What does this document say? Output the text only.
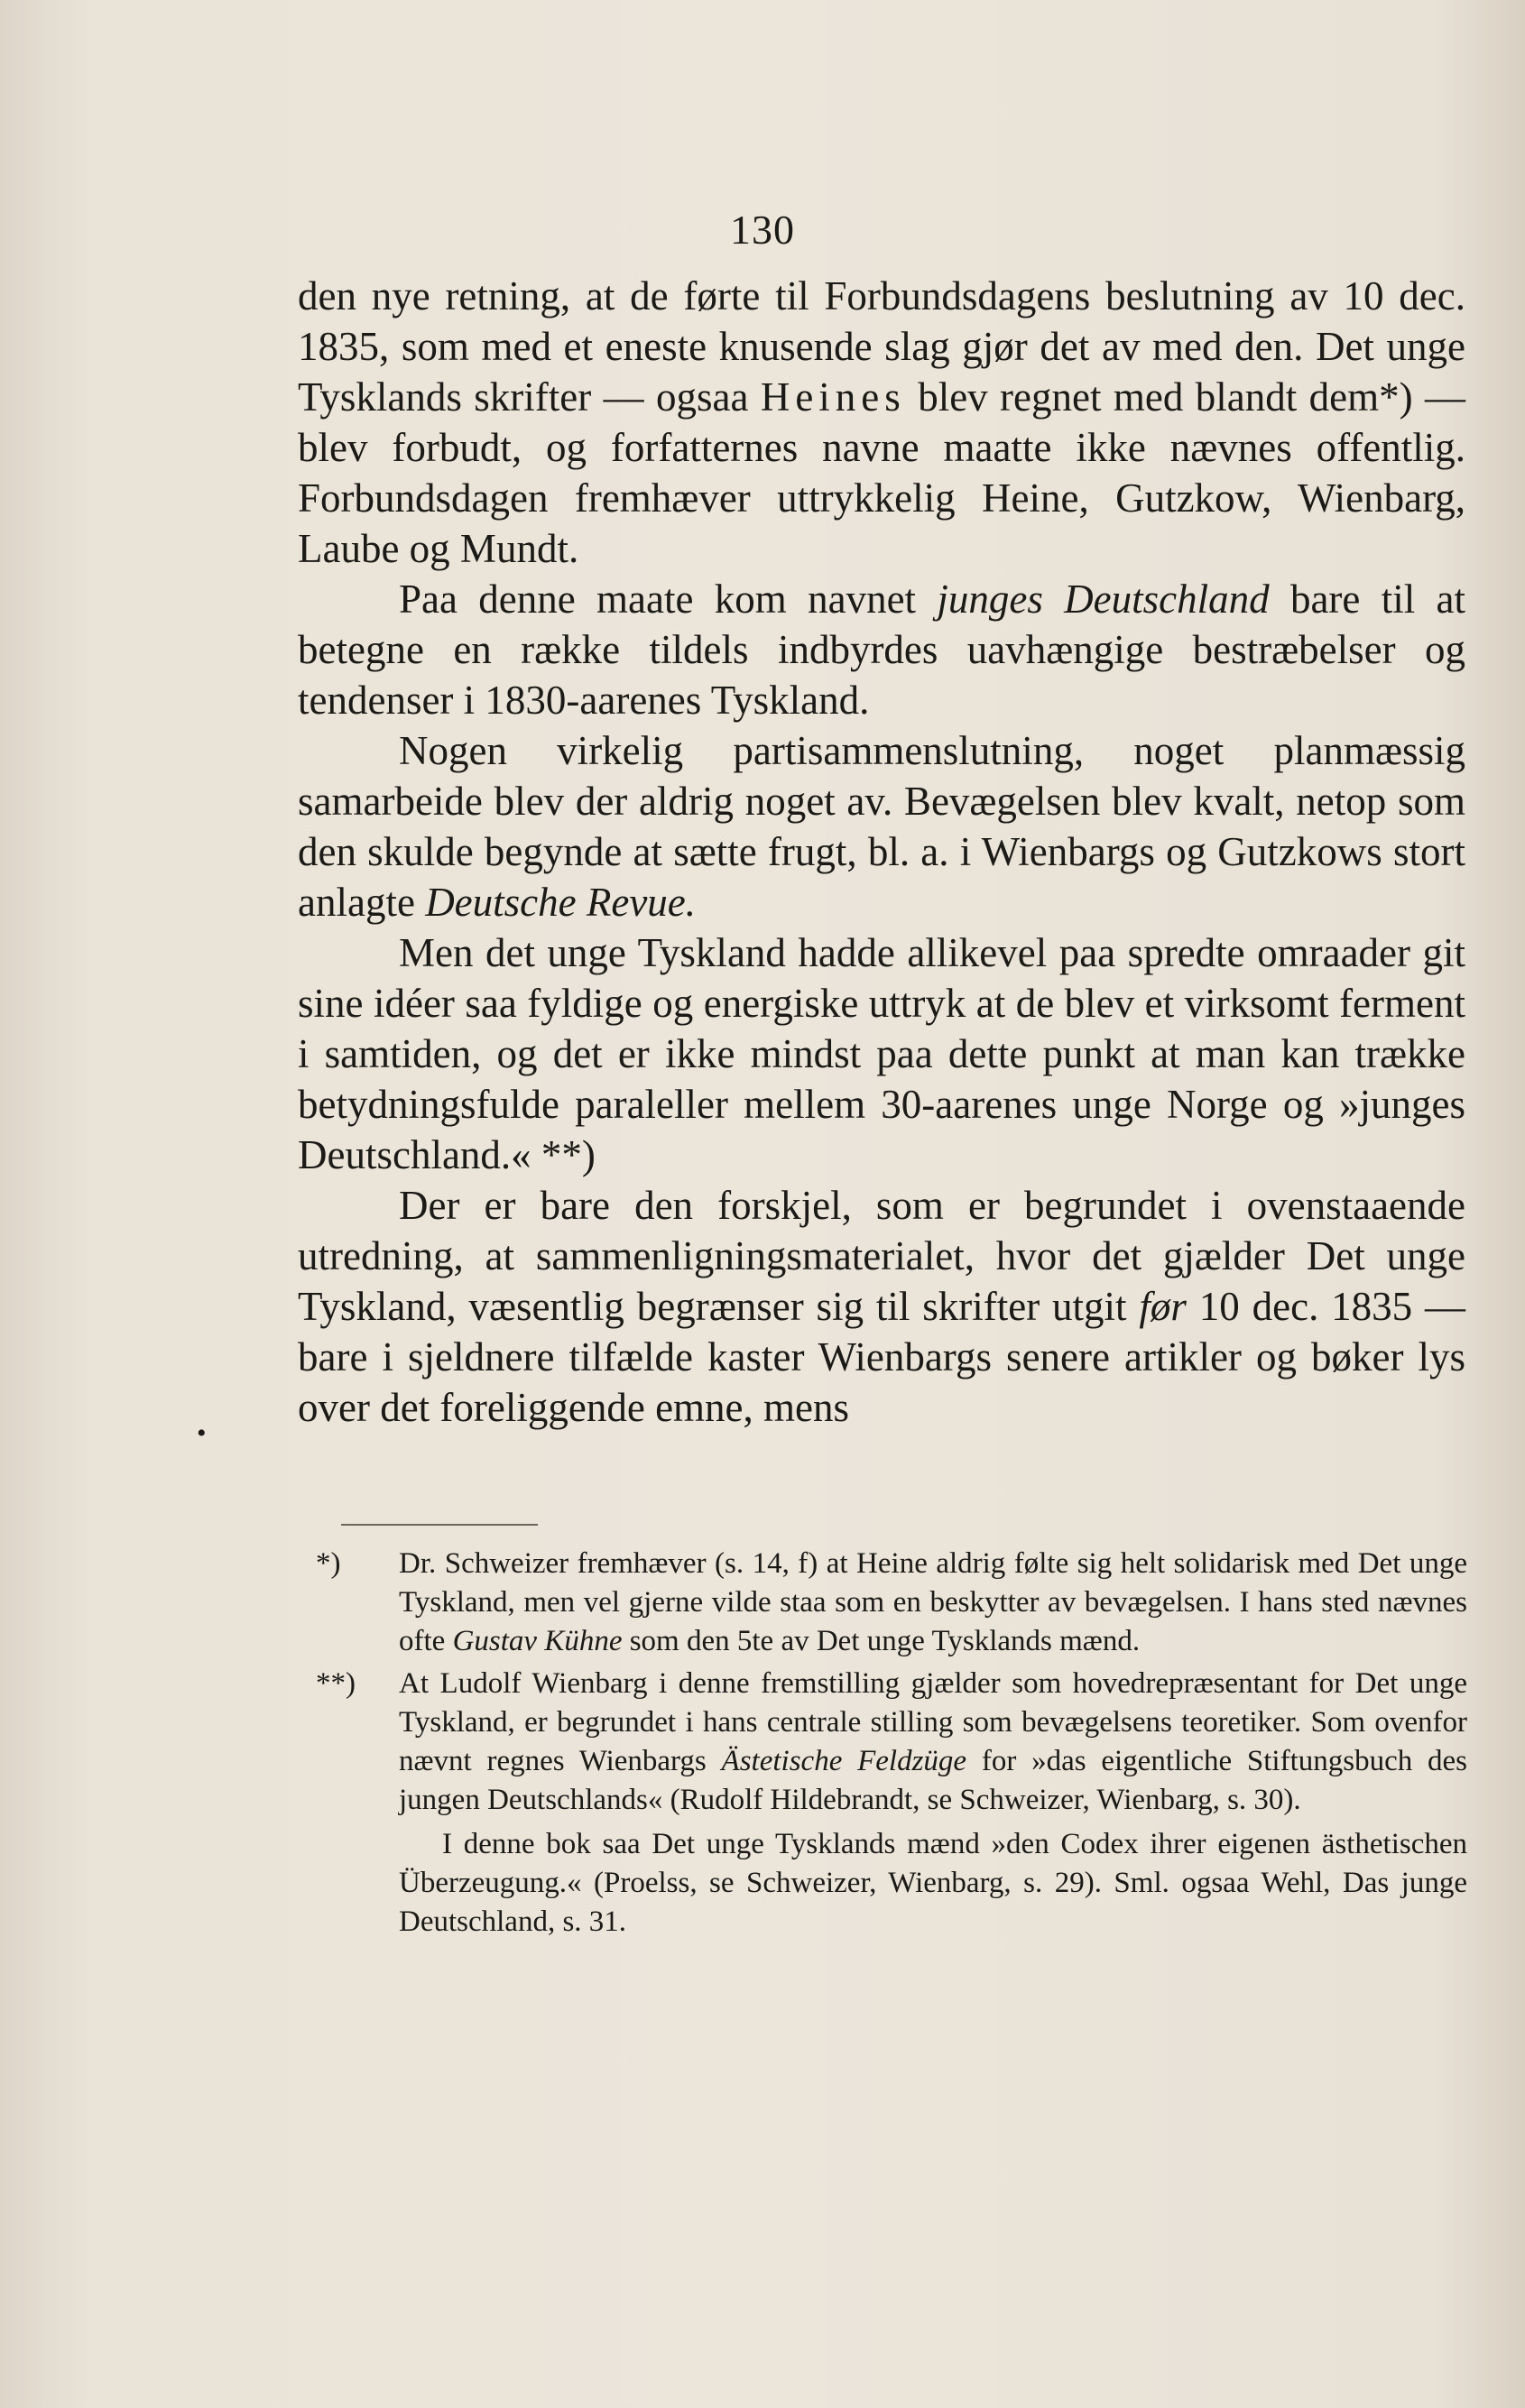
130

den nye retning, at de førte til Forbundsdagens beslutning av 10 dec. 1835, som med et eneste knusende slag gjør det av med den. Det unge Tysklands skrifter — ogsaa Heines blev regnet med blandt dem*) — blev forbudt, og forfatternes navne maatte ikke nævnes offentlig. Forbundsdagen fremhæver uttrykkelig Heine, Gutzkow, Wienbarg, Laube og Mundt.

Paa denne maate kom navnet junges Deutschland bare til at betegne en række tildels indbyrdes uavhængige bestræbelser og tendenser i 1830-aarenes Tyskland.

Nogen virkelig partisammenslutning, noget planmæssig samarbeide blev der aldrig noget av. Bevægelsen blev kvalt, netop som den skulde begynde at sætte frugt, bl. a. i Wienbargs og Gutzkows stort anlagte Deutsche Revue.

Men det unge Tyskland hadde allikevel paa spredte omraader git sine idéer saa fyldige og energiske uttryk at de blev et virksomt ferment i samtiden, og det er ikke mindst paa dette punkt at man kan trække betydningsfulde paraleller mellem 30-aarenes unge Norge og »junges Deutschland.« **)

Der er bare den forskjel, som er begrundet i ovenstaaende utredning, at sammenligningsmaterialet, hvor det gjælder Det unge Tyskland, væsentlig begrænser sig til skrifter utgit før 10 dec. 1835 — bare i sjeldnere tilfælde kaster Wienbargs senere artikler og bøker lys over det foreliggende emne, mens

•

*)	Dr. Schweizer fremhæver (s. 14, f) at Heine aldrig følte sig helt solidarisk med Det unge Tyskland, men vel gjerne vilde staa som en beskytter av bevægelsen. I hans sted nævnes ofte Gustav Kühne som den 5te av Det unge Tysklands mænd.

**)	At Ludolf Wienbarg i denne fremstilling gjælder som hovedrepræsentant for Det unge Tyskland, er begrundet i hans centrale stilling som bevægelsens teoretiker. Som ovenfor nævnt regnes Wienbargs Ästetische Feldzüge for »das eigentliche Stiftungsbuch des jungen Deutschlands« (Rudolf Hildebrandt, se Schweizer, Wienbarg, s. 30).

I denne bok saa Det unge Tysklands mænd »den Codex ihrer eigenen ästhetischen Überzeugung.« (Proelss, se Schweizer, Wienbarg, s. 29). Sml. ogsaa Wehl, Das junge Deutschland, s. 31.
